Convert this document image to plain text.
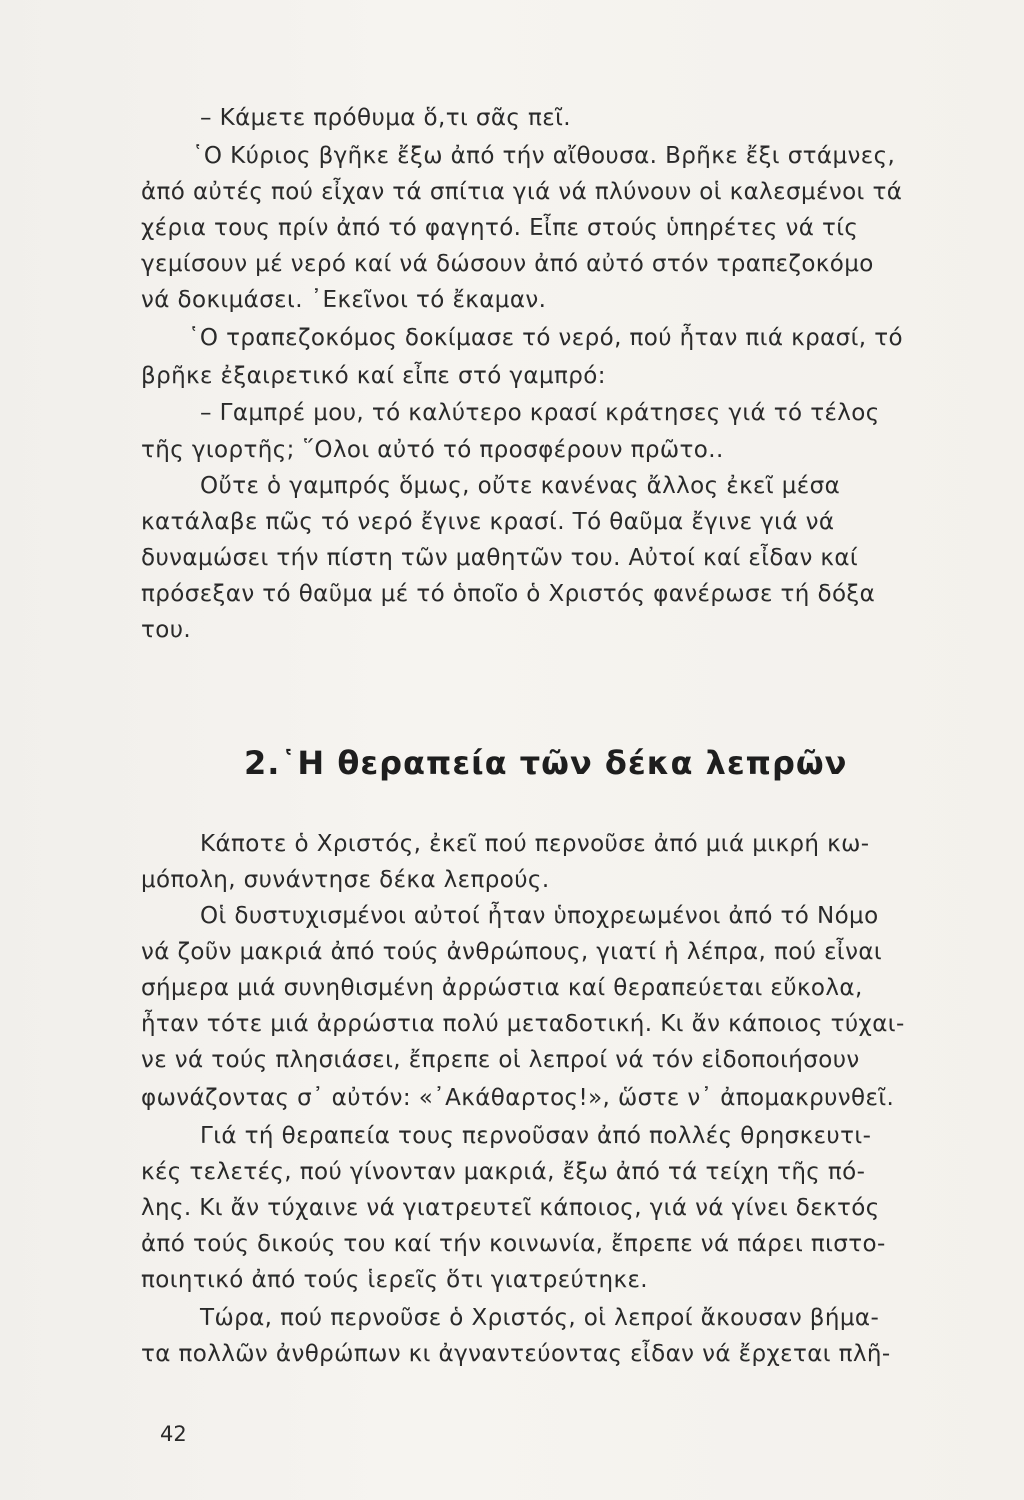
– Κάμετε πρόθυμα ὅ,τι σᾶς πεῖ.
῾Ο Κύριος βγῆκε ἔξω ἀπό τήν αἴθουσα. Βρῆκε ἔξι στάμνες,
ἀπό αὐτές πού εἶχαν τά σπίτια γιά νά πλύνουν οἱ καλεσμένοι τά
χέρια τους πρίν ἀπό τό φαγητό. Εἶπε στούς ὑπηρέτες νά τίς
γεμίσουν μέ νερό καί νά δώσουν ἀπό αὐτό στόν τραπεζοκόμο
νά δοκιμάσει. ᾿Εκεῖνοι τό ἔκαμαν.
῾Ο τραπεζοκόμος δοκίμασε τό νερό, πού ἦταν πιά κρασί, τό
βρῆκε ἐξαιρετικό καί εἶπε στό γαμπρό:
– Γαμπρέ μου, τό καλύτερο κρασί κράτησες γιά τό τέλος
τῆς γιορτῆς; ῞Ολοι αὐτό τό προσφέρουν πρῶτο..
Οὔτε ὁ γαμπρός ὅμως, οὔτε κανένας ἄλλος ἐκεῖ μέσα
κατάλαβε πῶς τό νερό ἔγινε κρασί. Τό θαῦμα ἔγινε γιά νά
δυναμώσει τήν πίστη τῶν μαθητῶν του. Αὐτοί καί εἶδαν καί
πρόσεξαν τό θαῦμα μέ τό ὁποῖο ὁ Χριστός φανέρωσε τή δόξα
του.
2.῾Η θεραπεία τῶν δέκα λεπρῶν
Κάποτε ὁ Χριστός, ἐκεῖ πού περνοῦσε ἀπό μιά μικρή κω-
μόπολη, συνάντησε δέκα λεπρούς.
Οἱ δυστυχισμένοι αὐτοί ἦταν ὑποχρεωμένοι ἀπό τό Νόμο
νά ζοῦν μακριά ἀπό τούς ἀνθρώπους, γιατί ἡ λέπρα, πού εἶναι
σήμερα μιά συνηθισμένη ἀρρώστια καί θεραπεύεται εὔκολα,
ἦταν τότε μιά ἀρρώστια πολύ μεταδοτική. Κι ἄν κάποιος τύχαι-
νε νά τούς πλησιάσει, ἔπρεπε οἱ λεπροί νά τόν εἰδοποιήσουν
φωνάζοντας σ᾿ αὐτόν: «᾿Ακάθαρτος!», ὥστε ν᾿ ἀπομακρυνθεῖ.
Γιά τή θεραπεία τους περνοῦσαν ἀπό πολλές θρησκευτι-
κές τελετές, πού γίνονταν μακριά, ἔξω ἀπό τά τείχη τῆς πό-
λης. Κι ἄν τύχαινε νά γιατρευτεῖ κάποιος, γιά νά γίνει δεκτός
ἀπό τούς δικούς του καί τήν κοινωνία, ἔπρεπε νά πάρει πιστο-
ποιητικό ἀπό τούς ἱερεῖς ὅτι γιατρεύτηκε.
Τώρα, πού περνοῦσε ὁ Χριστός, οἱ λεπροί ἄκουσαν βήμα-
τα πολλῶν ἀνθρώπων κι ἀγναντεύοντας εἶδαν νά ἔρχεται πλῆ-
42
